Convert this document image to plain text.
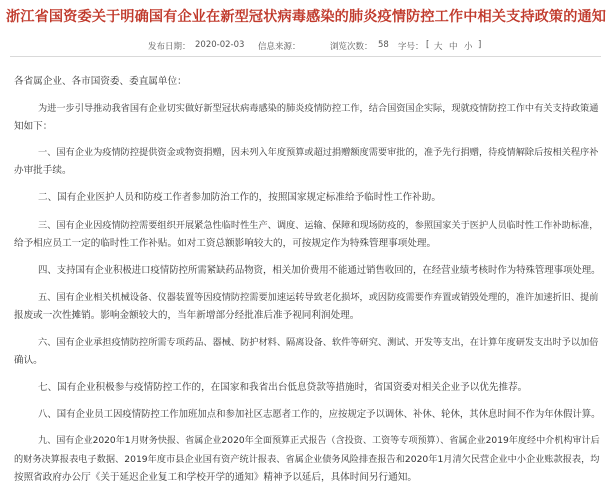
浙江省国资委关于明确国有企业在新型冠状病毒感染的肺炎疫情防控工作中相关支持政策的通知
发布日期： 2020-02-03 信息来源：	浏览次数： 58 字号： [ 大 中 小 ]
各省属企业、各市国资委、委直属单位：
为进一步引导推动我省国有企业切实做好新型冠状病毒感染的肺炎疫情防控工作，结合国资国企实际，现就疫情防控工作中有关支持政策通
知如下：
一、国有企业为疫情防控提供资金或物资捐赠，因未列入年度预算或超过捐赠额度需要审批的，准予先行捐赠，待疫情解除后按相关程序补
办审批手续。
二、国有企业医护人员和防疫工作者参加防治工作的，按照国家规定标准给予临时性工作补助。
三、国有企业因疫情防控需要组织开展紧急性临时性生产、调度、运输、保障和现场防疫的，参照国家关于医护人员临时性工作补助标准，
给予相应员工一定的临时性工作补贴。如对工资总额影响较大的，可按规定作为特殊管理事项处理。
四、支持国有企业积极进口疫情防控所需紧缺药品物资，相关加价费用不能通过销售收回的，在经营业绩考核时作为特殊管理事项处理。
五、国有企业相关机械设备、仪器装置等因疫情防控需要加速运转导致老化损坏，或因防疫需要作弃置或销毁处理的，准许加速折旧、提前
报废或一次性摊销。影响金额较大的，当年新增部分经批准后准予视同利润处理。
六、国有企业承担疫情防控所需专项药品、器械、防护材料、隔离设备、软件等研究、测试、开发等支出，在计算年度研发支出时予以加倍
确认。
七、国有企业积极参与疫情防控工作的，在国家和我省出台低息贷款等措施时，省国资委对相关企业予以优先推荐。
八、国有企业员工因疫情防控工作加班加点和参加社区志愿者工作的，应按规定予以调休、补休、轮休，其休息时间不作为年休假计算。
九、国有企业2020年1月财务快报、省属企业2020年全面预算正式报告（含投资、工资等专项预算）、省属企业2019年度经中介机构审计后
的财务决算报表电子数据、2019年度市县企业国有资产统计报表、省属企业债务风险排查报告和2020年1月清欠民营企业中小企业账款报表，均
按照省政府办公厅《关于延迟企业复工和学校开学的通知》精神予以延后，具体时间另行通知。
